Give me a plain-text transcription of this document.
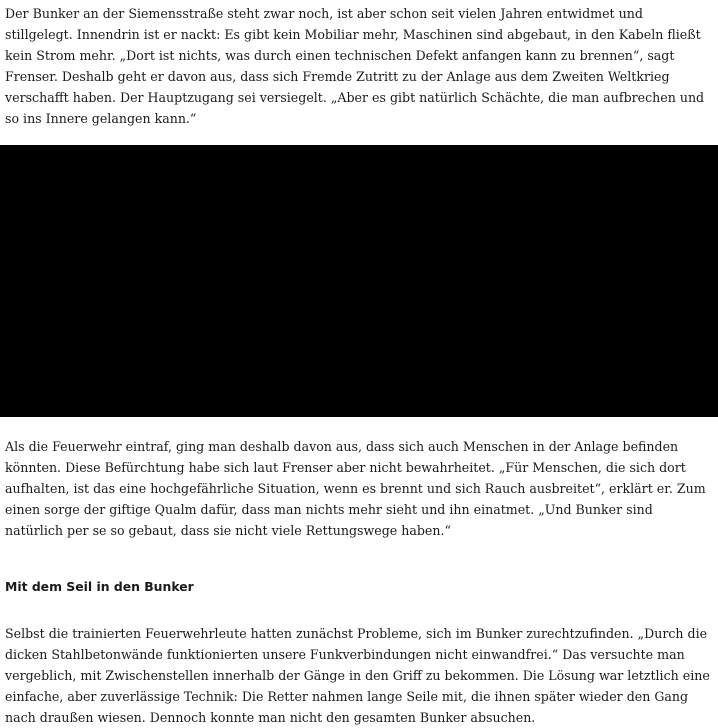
Der Bunker an der Siemensstraße steht zwar noch, ist aber schon seit vielen Jahren entwidmet und stillgelegt. Innendrin ist er nackt: Es gibt kein Mobiliar mehr, Maschinen sind abgebaut, in den Kabeln fließt kein Strom mehr. „Dort ist nichts, was durch einen technischen Defekt anfangen kann zu brennen“, sagt Frenser. Deshalb geht er davon aus, dass sich Fremde Zutritt zu der Anlage aus dem Zweiten Weltkrieg verschafft haben. Der Hauptzugang sei versiegelt. „Aber es gibt natürlich Schächte, die man aufbrechen und so ins Innere gelangen kann.“

Als die Feuerwehr eintraf, ging man deshalb davon aus, dass sich auch Menschen in der Anlage befinden könnten. Diese Befürchtung habe sich laut Frenser aber nicht bewahrheitet. „Für Menschen, die sich dort aufhalten, ist das eine hochgefährliche Situation, wenn es brennt und sich Rauch ausbreitet“, erklärt er. Zum einen sorge der giftige Qualm dafür, dass man nichts mehr sieht und ihn einatmet. „Und Bunker sind natürlich per se so gebaut, dass sie nicht viele Rettungswege haben.“

Mit dem Seil in den Bunker

Selbst die trainierten Feuerwehrleute hatten zunächst Probleme, sich im Bunker zurechtzufinden. „Durch die dicken Stahlbetonwände funktionierten unsere Funkverbindungen nicht einwandfrei.“ Das versuchte man vergeblich, mit Zwischenstellen innerhalb der Gänge in den Griff zu bekommen. Die Lösung war letztlich eine einfache, aber zuverlässige Technik: Die Retter nahmen lange Seile mit, die ihnen später wieder den Gang nach draußen wiesen. Dennoch konnte man nicht den gesamten Bunker absuchen.
